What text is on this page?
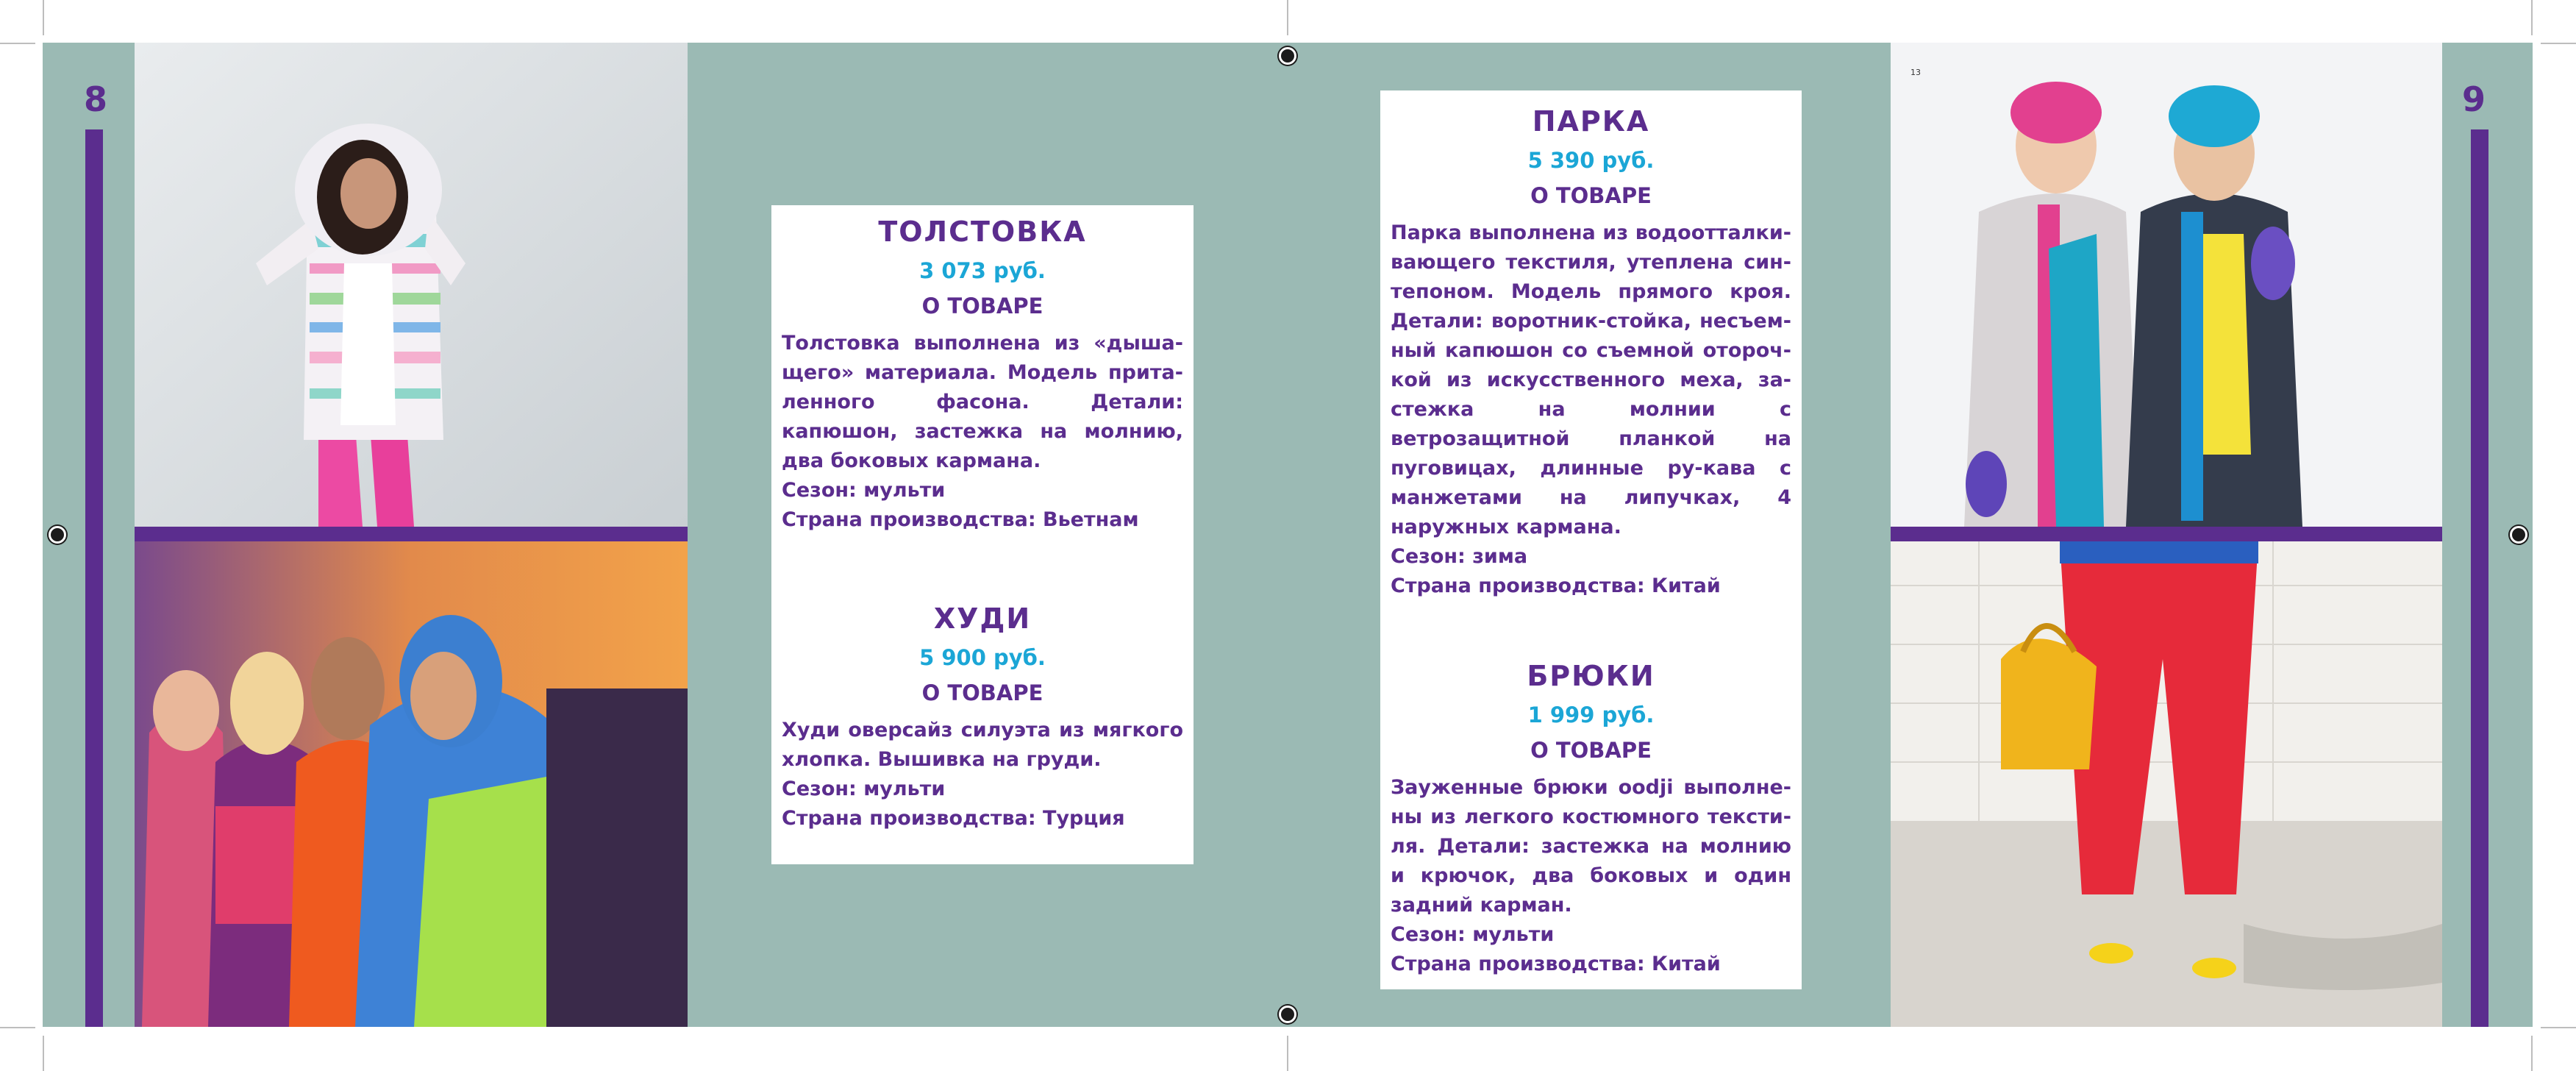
8	9
ТОЛСТОВКА
3 073 руб.
О ТОВАРЕ
Толстовка выполнена из «дыша-щего» материала. Модель прита-ленного фасона. Детали: капюшон, застежка на молнию, два боковых кармана.
Сезон: мульти
Страна производства: Вьетнам
ХУДИ
5 900 руб.
О ТОВАРЕ
Худи оверсайз силуэта из мягкого хлопка. Вышивка на груди.
Сезон: мульти
Страна производства: Турция
ПАРКА
5 390 руб.
О ТОВАРЕ
Парка выполнена из водоотталки-вающего текстиля, утеплена син-тепоном. Модель прямого кроя. Детали: воротник-стойка, несъем-ный капюшон со съемной оторoч-кой из искусственного меха, за-стежка на молнии с ветрозащитной планкой на пуговицах, длинные ру-кава с манжетами на липучках, 4 наружных кармана.
Сезон: зима
Страна производства: Китай
БРЮКИ
1 999 руб.
О ТОВАРЕ
Зауженные брюки oodji выполне-ны из легкого костюмного тексти-ля. Детали: застежка на молнию и крючок, два боковых и один задний карман.
Сезон: мульти
Страна производства: Китай
13
